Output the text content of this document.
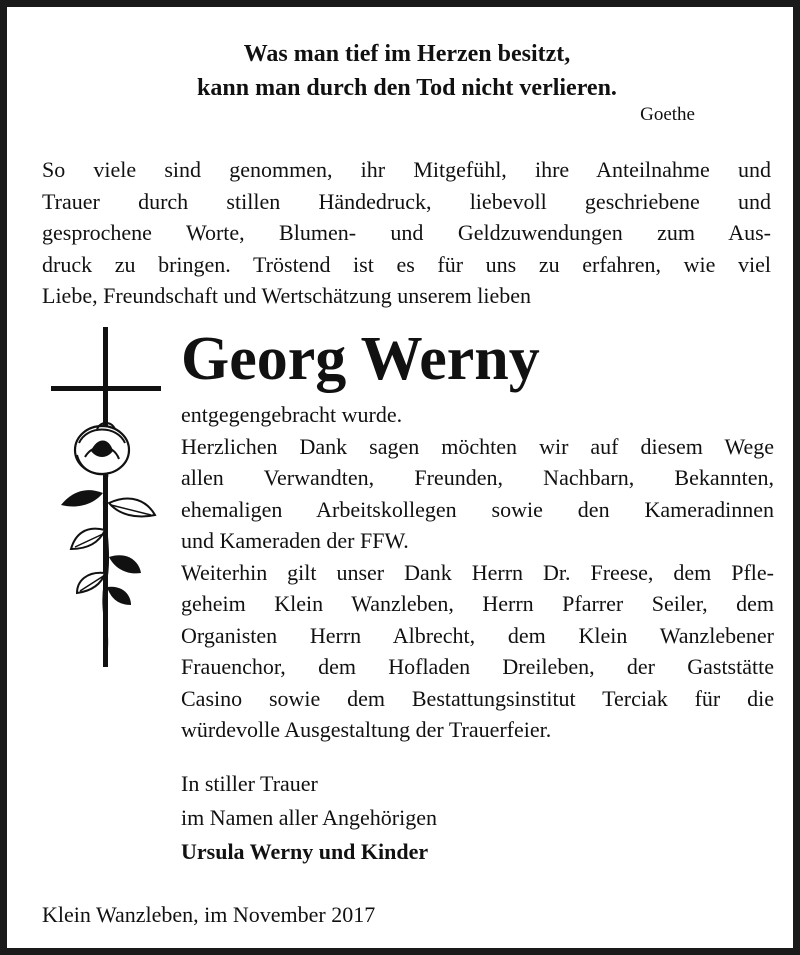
Was man tief im Herzen besitzt,
kann man durch den Tod nicht verlieren.
Goethe
So viele sind genommen, ihr Mitgefühl, ihre Anteilnahme und
Trauer durch stillen Händedruck, liebevoll geschriebene und
gesprochene Worte, Blumen- und Geldzuwendungen zum Aus-
druck zu bringen. Tröstend ist es für uns zu erfahren, wie viel
Liebe, Freundschaft und Wertschätzung unserem lieben
Georg Werny
entgegengebracht wurde.
Herzlichen Dank sagen möchten wir auf diesem Wege
allen Verwandten, Freunden, Nachbarn, Bekannten,
ehemaligen Arbeitskollegen sowie den Kameradinnen
und Kameraden der FFW.
Weiterhin gilt unser Dank Herrn Dr. Freese, dem Pfle-
geheim Klein Wanzleben, Herrn Pfarrer Seiler, dem
Organisten Herrn Albrecht, dem Klein Wanzlebener
Frauenchor, dem Hofladen Dreileben, der Gaststätte
Casino sowie dem Bestattungsinstitut Terciak für die
würdevolle Ausgestaltung der Trauerfeier.
In stiller Trauer
im Namen aller Angehörigen
Ursula Werny und Kinder
Klein Wanzleben, im November 2017
